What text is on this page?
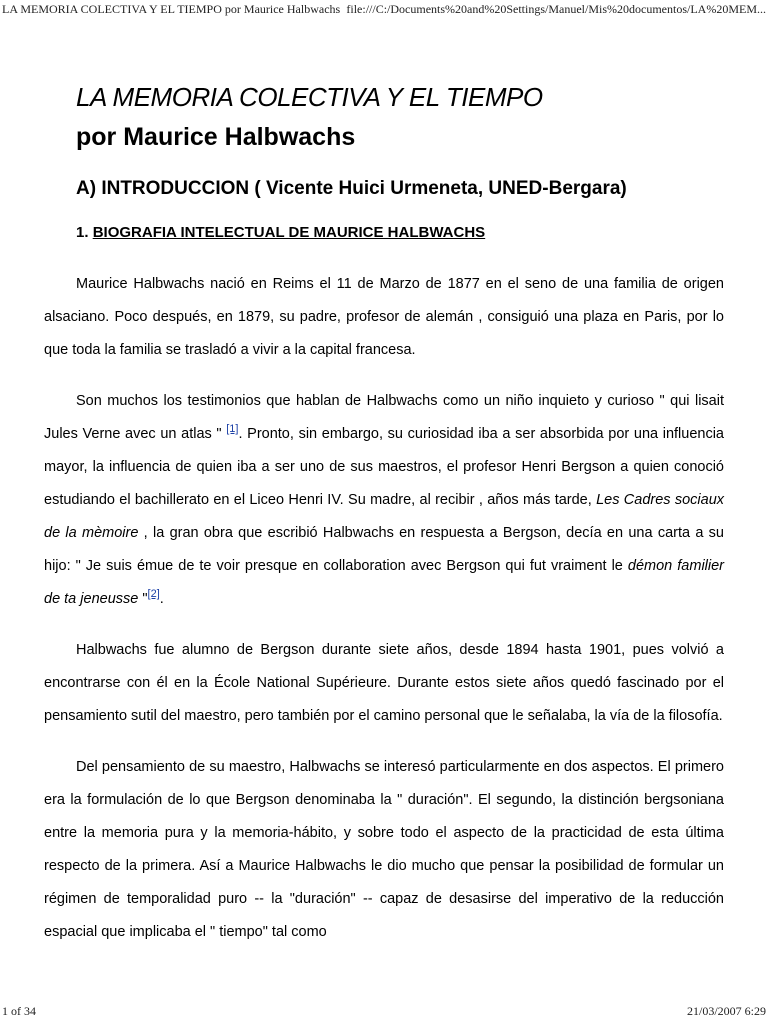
LA MEMORIA COLECTIVA Y EL TIEMPO por Maurice Halbwachs file:///C:/Documents%20and%20Settings/Manuel/Mis%20documentos/LA%20MEM...
LA MEMORIA COLECTIVA Y EL TIEMPO
por Maurice Halbwachs
A) INTRODUCCION ( Vicente Huici Urmeneta, UNED-Bergara)
1. BIOGRAFIA INTELECTUAL DE MAURICE HALBWACHS

Maurice Halbwachs nació en Reims el 11 de Marzo de 1877 en el seno de una familia de origen alsaciano. Poco después, en 1879, su padre, profesor de alemán , consiguió una plaza en Paris, por lo que toda la familia se trasladó a vivir a la capital francesa.

Son muchos los testimonios que hablan de Halbwachs como un niño inquieto y curioso " qui lisait Jules Verne avec un atlas " [1]. Pronto, sin embargo, su curiosidad iba a ser absorbida por una influencia mayor, la influencia de quien iba a ser uno de sus maestros, el profesor Henri Bergson a quien conoció estudiando el bachillerato en el Liceo Henri IV. Su madre, al recibir , años más tarde, Les Cadres sociaux de la mèmoire , la gran obra que escribió Halbwachs en respuesta a Bergson, decía en una carta a su hijo: " Je suis émue de te voir presque en collaboration avec Bergson qui fut vraiment le démon familier de ta jeneusse "[2].

Halbwachs fue alumno de Bergson durante siete años, desde 1894 hasta 1901, pues volvió a encontrarse con él en la École National Supérieure. Durante estos siete años quedó fascinado por el pensamiento sutil del maestro, pero también por el camino personal que le señalaba, la vía de la filosofía.

Del pensamiento de su maestro, Halbwachs se interesó particularmente en dos aspectos. El primero era la formulación de lo que Bergson denominaba la " duración". El segundo, la distinción bergsoniana entre la memoria pura y la memoria-hábito, y sobre todo el aspecto de la practicidad de esta última respecto de la primera. Así a Maurice Halbwachs le dio mucho que pensar la posibilidad de formular un régimen de temporalidad puro -- la "duración" -- capaz de desasirse del imperativo de la reducción espacial que implicaba el " tiempo" tal como

1 of 34	21/03/2007 6:29
